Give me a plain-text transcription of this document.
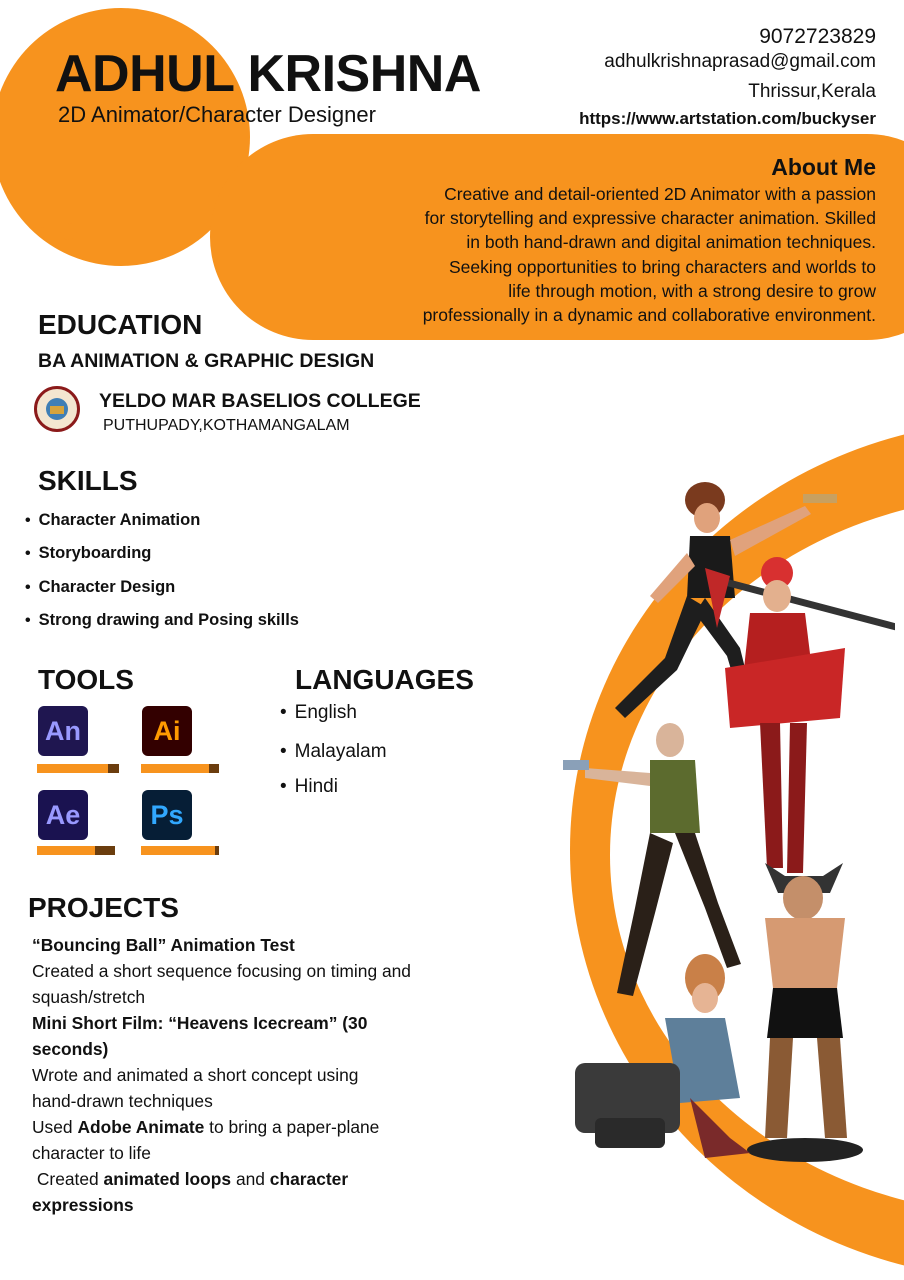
ADHUL KRISHNA
2D Animator/Character Designer
9072723829
adhulkrishnaprasad@gmail.com
Thrissur,Kerala
https://www.artstation.com/buckyser
About Me
Creative and detail-oriented 2D Animator with a passion
for storytelling and expressive character animation. Skilled
in both hand-drawn and digital animation techniques.
Seeking opportunities to bring characters and worlds to
life through motion, with a strong desire to grow
professionally in a dynamic and collaborative environment.
EDUCATION
BA ANIMATION & GRAPHIC DESIGN
YELDO MAR BASELIOS COLLEGE
PUTHUPADY,KOTHAMANGALAM
SKILLS
• Character Animation
• Storyboarding
• Character Design
• Strong drawing and Posing skills
TOOLS
An	Ai
Ae	Ps
LANGUAGES
• English
• Malayalam
• Hindi
PROJECTS

“Bouncing Ball” Animation Test

Created a short sequence focusing on timing and squash/stretch

Mini Short Film: “Heavens Icecream” (30 seconds)

Wrote and animated a short concept using hand-drawn techniques

Used Adobe Animate to bring a paper-plane character to life

Created animated loops and character expressions
